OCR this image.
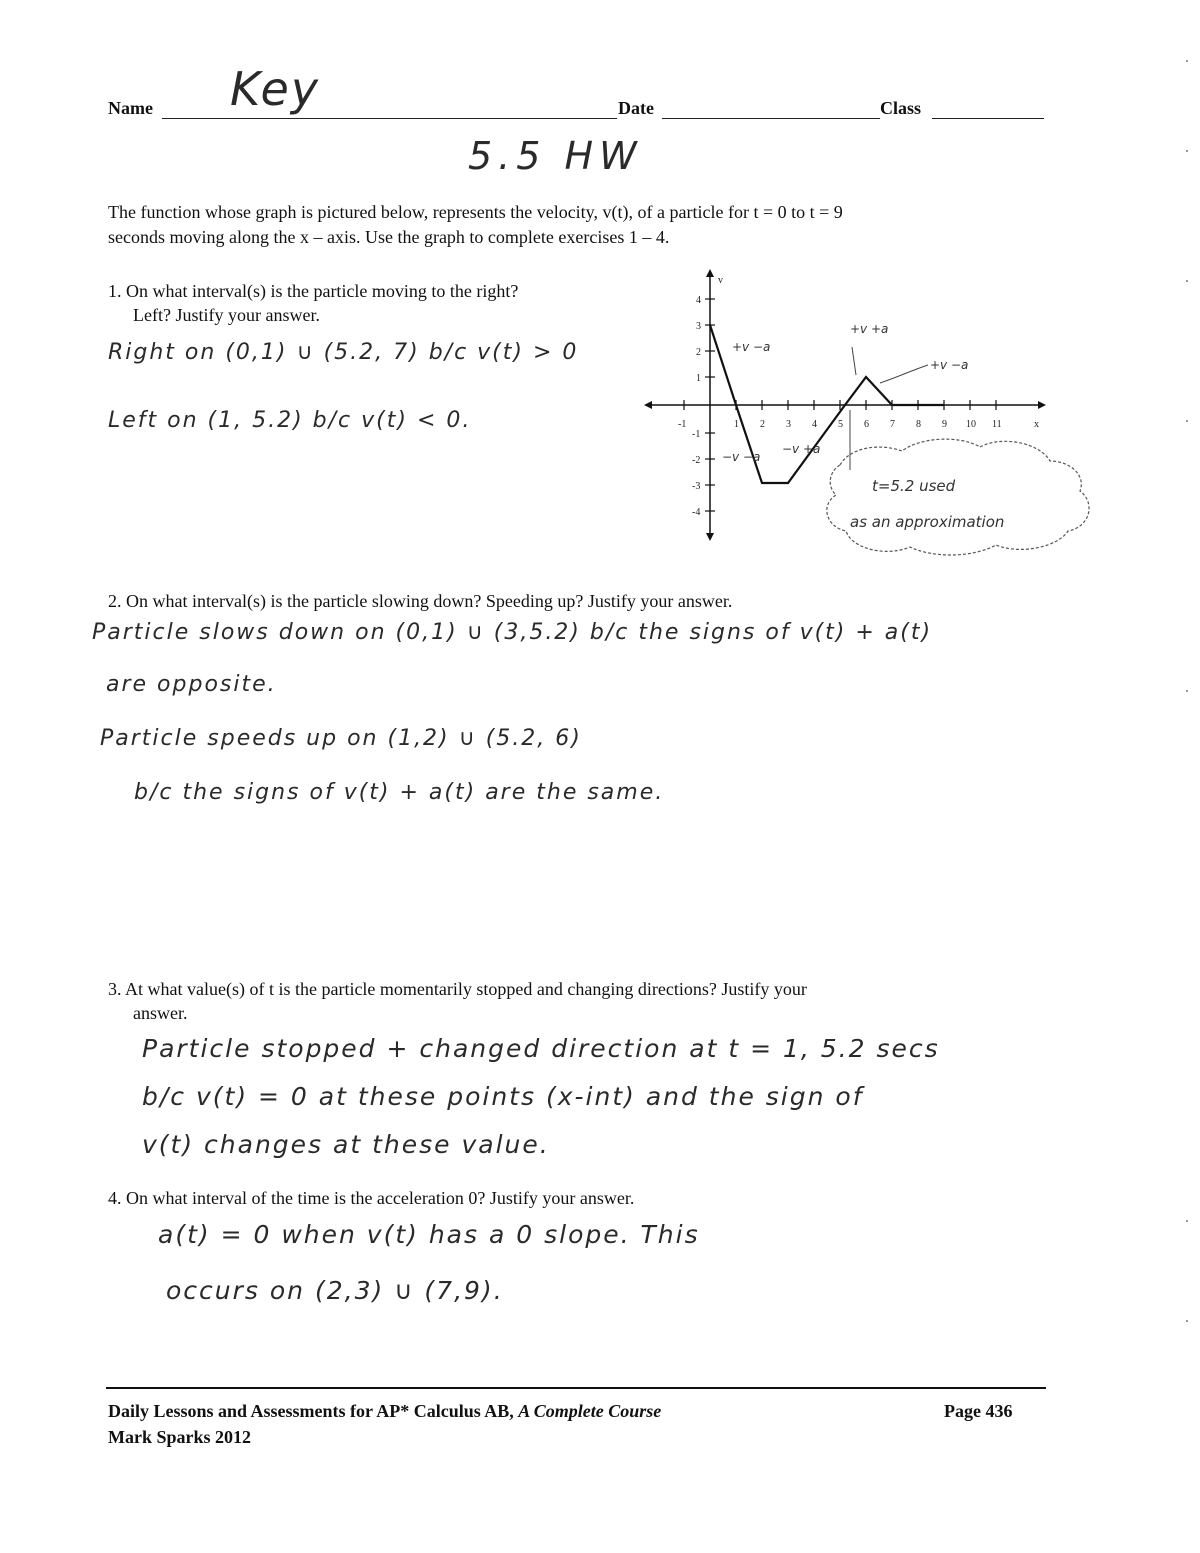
Name Key	Date	Class
5.5 HW
The function whose graph is pictured below, represents the velocity, v(t), of a particle for t = 0 to t = 9
seconds moving along the x – axis. Use the graph to complete exercises 1 – 4.
1. On what interval(s) is the particle moving to the right?
Left? Justify your answer.
Right on (0,1) ∪ (5.2, 7) b/c v(t) > 0
Left on (1, 5.2) b/c v(t) < 0.	-1	1 2 3 4 5 6 7 8 9 10 11	x
4
3
2
1
-1
-2
-3
-4
v
+v −a
−v −a
−v +a
+v +a
+v −a
t=5.2 used
as an approximation
2. On what interval(s) is the particle slowing down? Speeding up? Justify your answer.
Particle slows down on (0,1) ∪ (3,5.2) b/c the signs of v(t) + a(t)
are opposite.
Particle speeds up on (1,2) ∪ (5.2, 6)
b/c the signs of v(t) + a(t) are the same.
3. At what value(s) of t is the particle momentarily stopped and changing directions? Justify your
answer.
Particle stopped + changed direction at t = 1, 5.2 secs
b/c v(t) = 0 at these points (x-int) and the sign of
v(t) changes at these value.
4. On what interval of the time is the acceleration 0? Justify your answer.
a(t) = 0 when v(t) has a 0 slope. This
occurs on (2,3) ∪ (7,9).
Daily Lessons and Assessments for AP* Calculus AB, A Complete Course
Mark Sparks 2012
Page 436
